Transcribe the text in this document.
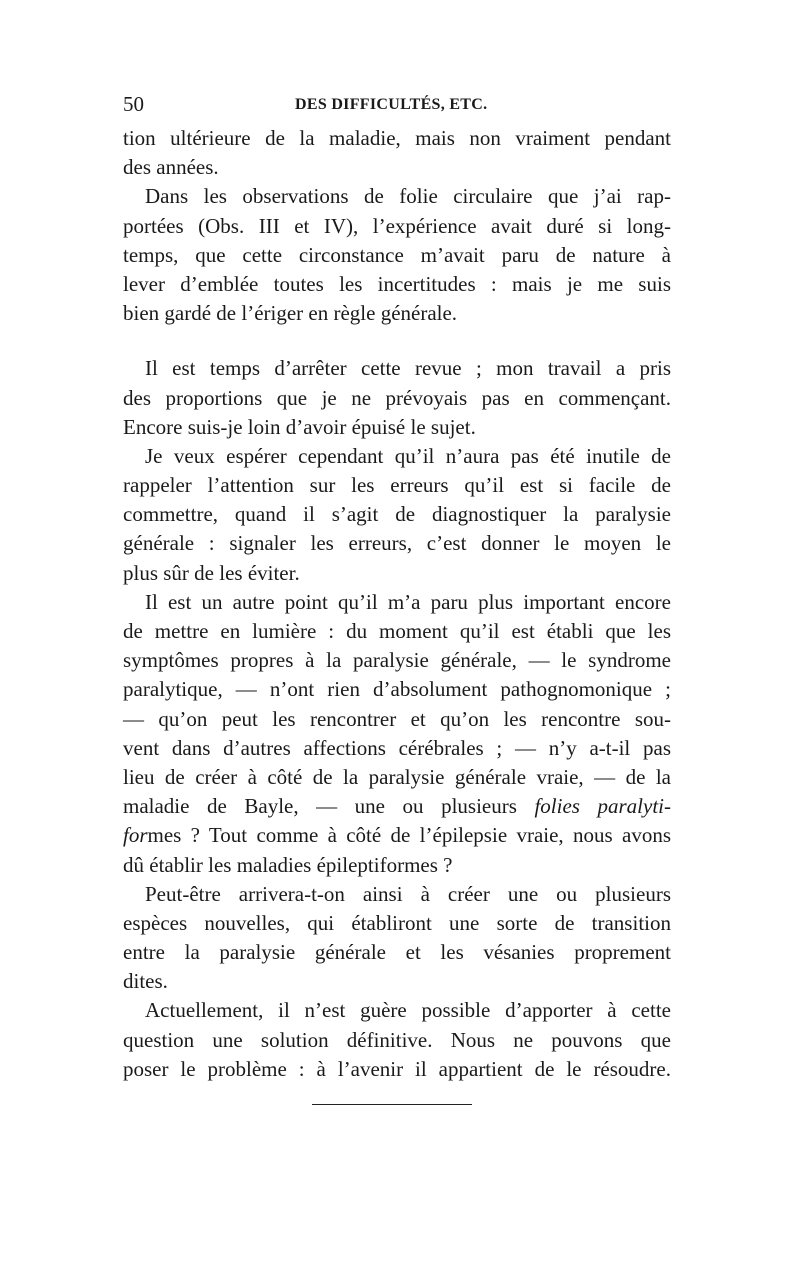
50	DES DIFFICULTÉS, ETC.
tion ultérieure de la maladie, mais non vraiment pendant
des années.
Dans les observations de folie circulaire que j’ai rap-
portées (Obs. III et IV), l’expérience avait duré si long-
temps, que cette circonstance m’avait paru de nature à
lever d’emblée toutes les incertitudes : mais je me suis
bien gardé de l’ériger en règle générale.
Il est temps d’arrêter cette revue ; mon travail a pris
des proportions que je ne prévoyais pas en commençant.
Encore suis-je loin d’avoir épuisé le sujet.
Je veux espérer cependant qu’il n’aura pas été inutile de
rappeler l’attention sur les erreurs qu’il est si facile de
commettre, quand il s’agit de diagnostiquer la paralysie
générale : signaler les erreurs, c’est donner le moyen le
plus sûr de les éviter.
Il est un autre point qu’il m’a paru plus important encore
de mettre en lumière : du moment qu’il est établi que les
symptômes propres à la paralysie générale, — le syndrome
paralytique, — n’ont rien d’absolument pathognomonique ;
— qu’on peut les rencontrer et qu’on les rencontre sou-
vent dans d’autres affections cérébrales ; — n’y a-t-il pas
lieu de créer à côté de la paralysie générale vraie, — de la
maladie de Bayle, — une ou plusieurs folies paralyti-
formes ? Tout comme à côté de l’épilepsie vraie, nous avons
dû établir les maladies épileptiformes ?
Peut-être arrivera-t-on ainsi à créer une ou plusieurs
espèces nouvelles, qui établiront une sorte de transition
entre la paralysie générale et les vésanies proprement
dites.
Actuellement, il n’est guère possible d’apporter à cette
question une solution définitive. Nous ne pouvons que
poser le problème : à l’avenir il appartient de le résoudre.
